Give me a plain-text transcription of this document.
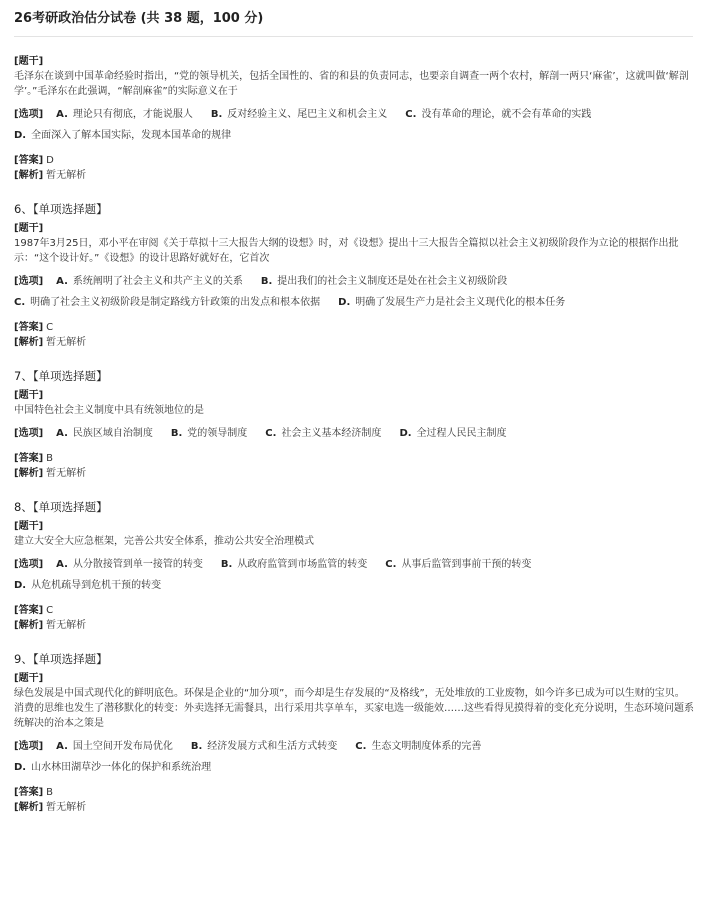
26考研政治估分试卷 (共 38 题，100 分)
[题干]
毛泽东在谈到中国革命经验时指出，“党的领导机关，包括全国性的、省的和县的负责同志，也要亲自调查一两个农村，解剖一两只‘麻雀’，这就叫做‘解剖学’。”毛泽东在此强调，“解剖麻雀”的实际意义在于
[选项] A. 理论只有彻底，才能说服人 B. 反对经验主义、尾巴主义和机会主义 C. 没有革命的理论，就不会有革命的实践
D. 全面深入了解本国实际，发现本国革命的规律
[答案] D
[解析] 暂无解析
6、【单项选择题】
[题干]
1987年3月25日，邓小平在审阅《关于草拟十三大报告大纲的设想》时，对《设想》提出十三大报告全篇拟以社会主义初级阶段作为立论的根据作出批示：“这个设计好。”《设想》的设计思路好就好在，它首次
[选项] A. 系统阐明了社会主义和共产主义的关系 B. 提出我们的社会主义制度还是处在社会主义初级阶段
C. 明确了社会主义初级阶段是制定路线方针政策的出发点和根本依据 D. 明确了发展生产力是社会主义现代化的根本任务
[答案] C
[解析] 暂无解析
7、【单项选择题】
[题干]
中国特色社会主义制度中具有统领地位的是
[选项] A. 民族区域自治制度 B. 党的领导制度 C. 社会主义基本经济制度 D. 全过程人民民主制度
[答案] B
[解析] 暂无解析
8、【单项选择题】
[题干]
建立大安全大应急框架，完善公共安全体系，推动公共安全治理模式
[选项] A. 从分散接管到单一接管的转变 B. 从政府监管到市场监管的转变 C. 从事后监管到事前干预的转变
D. 从危机疏导到危机干预的转变
[答案] C
[解析] 暂无解析
9、【单项选择题】
[题干]
绿色发展是中国式现代化的鲜明底色。环保是企业的“加分项”，而今却是生存发展的“及格线”，无处堆放的工业废物，如今许多已成为可以生财的宝贝。消费的思维也发生了潜移默化的转变：外卖选择无需餐具，出行采用共享单车，买家电选一级能效……这些看得见摸得着的变化充分说明，生态环境问题系统解决的治本之策是
[选项] A. 国土空间开发布局优化 B. 经济发展方式和生活方式转变 C. 生态文明制度体系的完善
D. 山水林田湖草沙一体化的保护和系统治理
[答案] B
[解析] 暂无解析
